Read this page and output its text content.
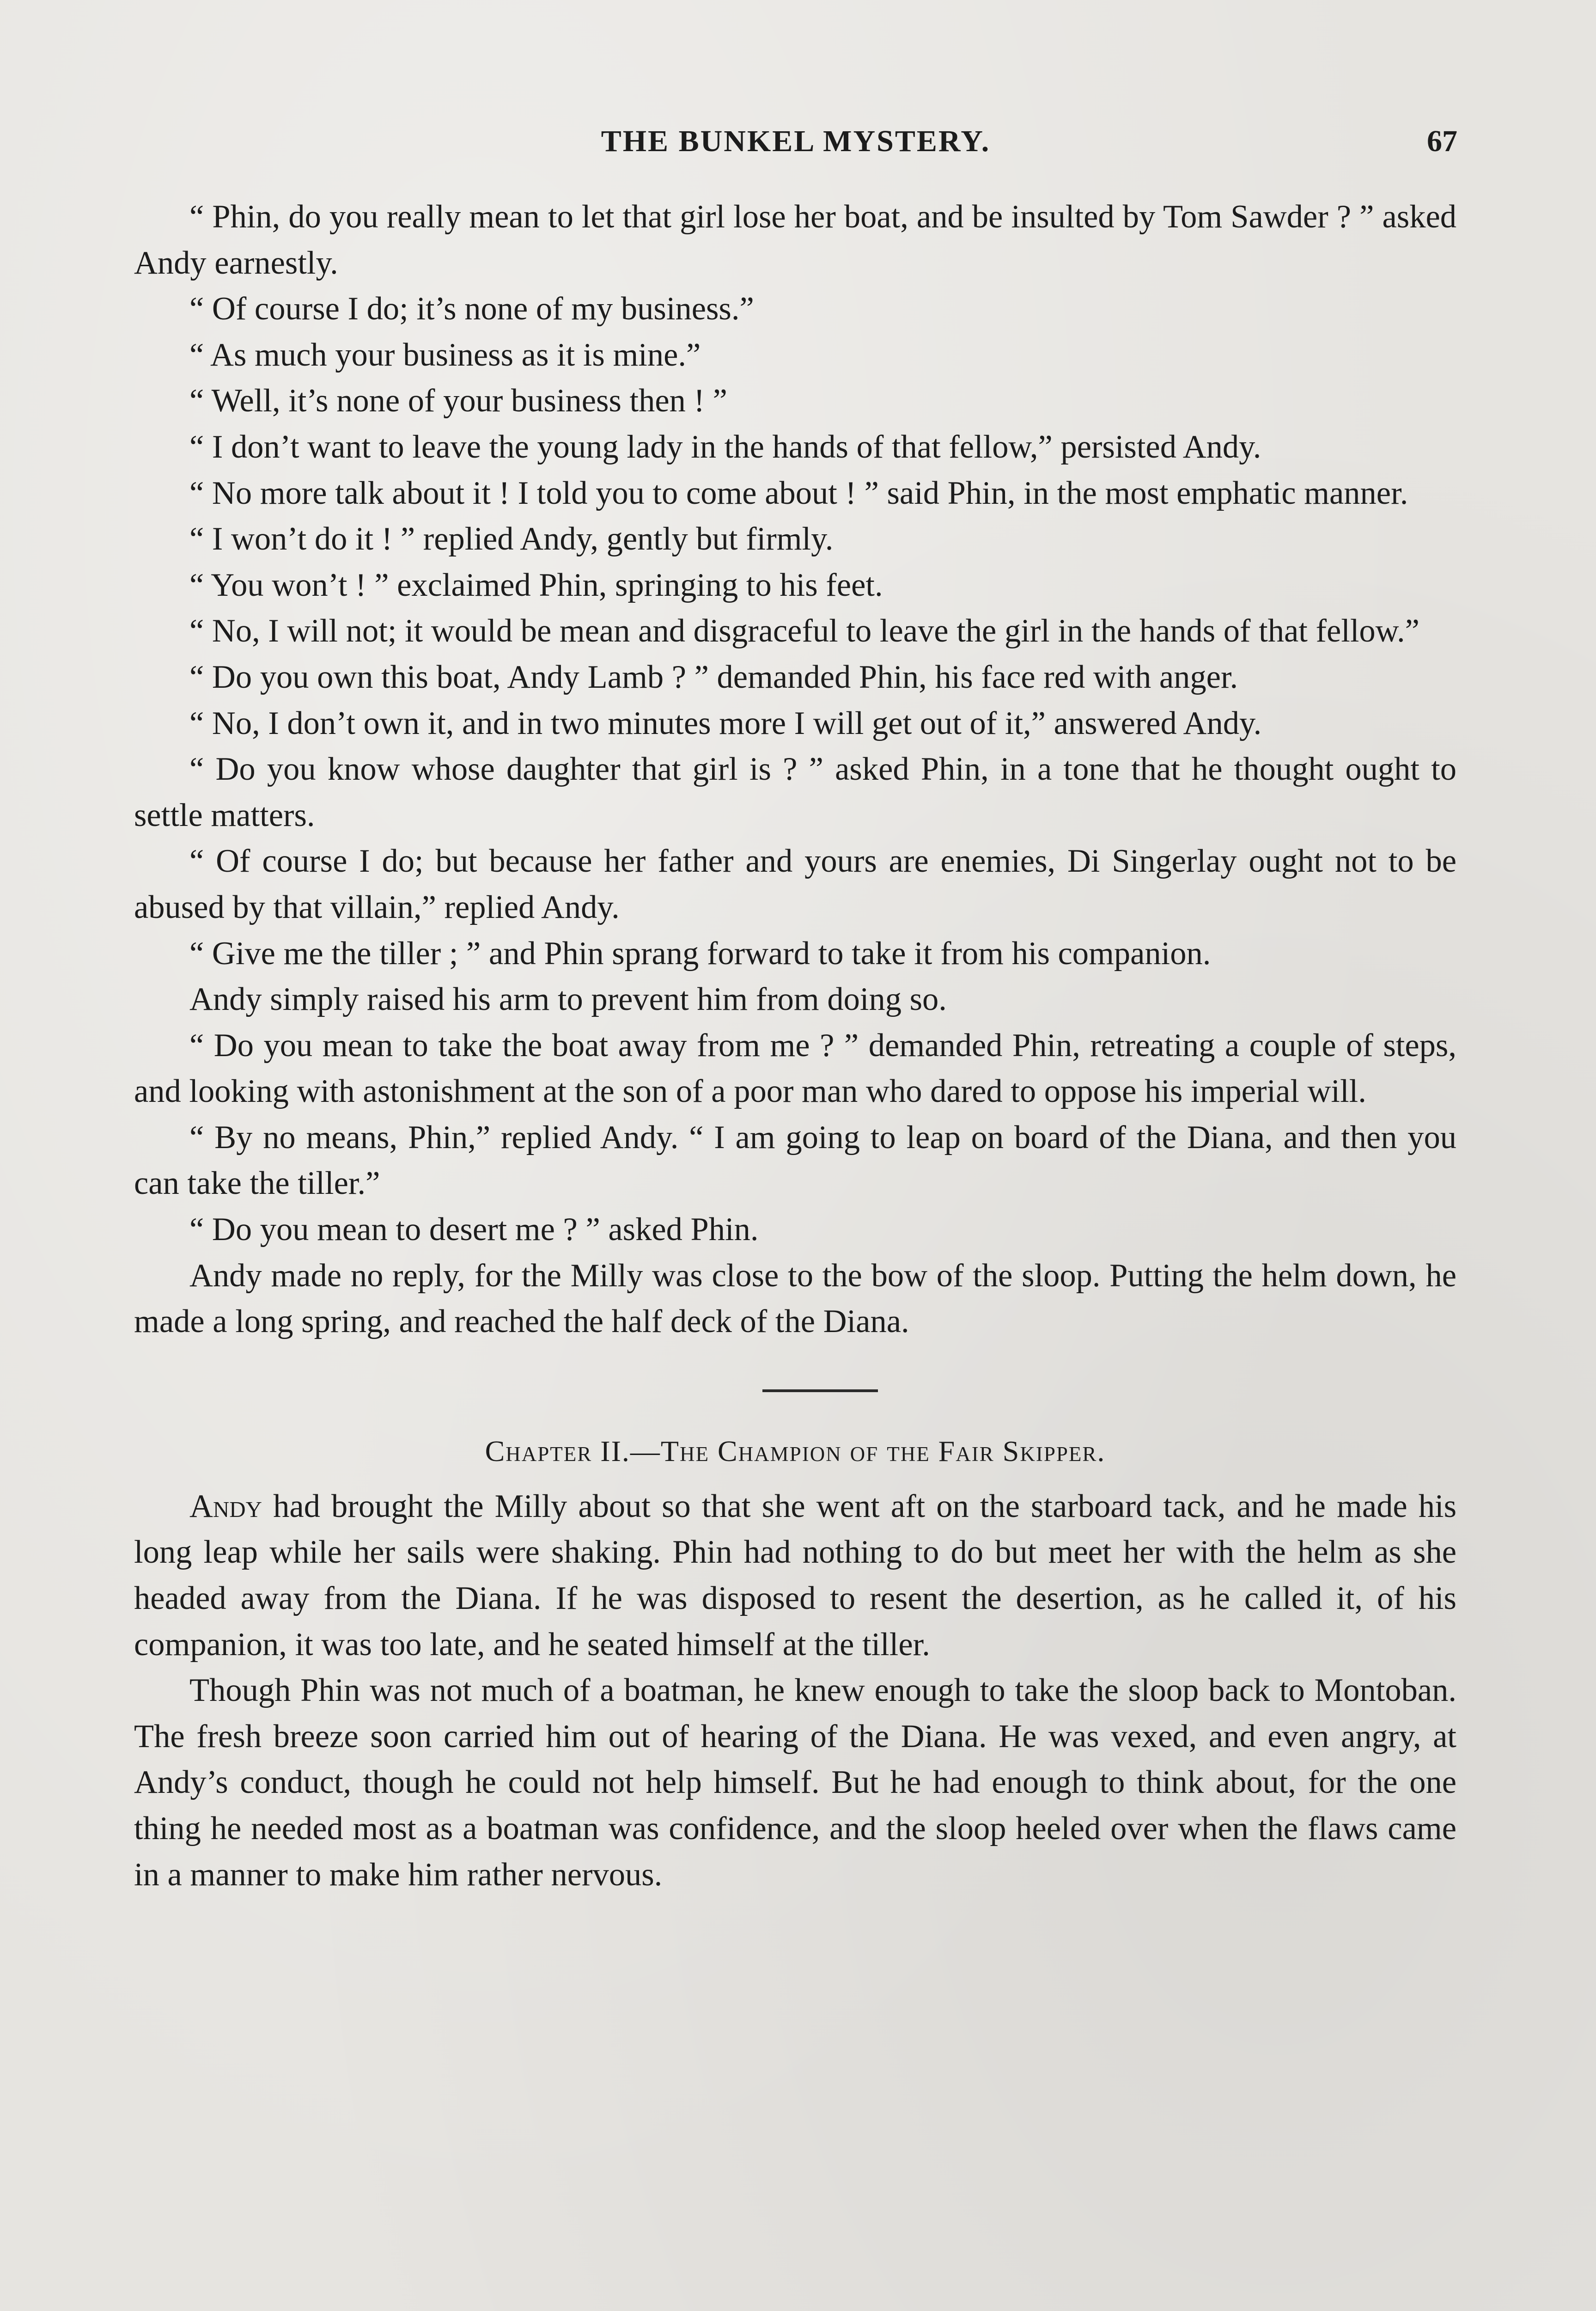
THE BUNKEL MYSTERY.	67

“ Phin, do you really mean to let that girl lose her boat, and be insulted by Tom Sawder ? ” asked Andy earnestly.

“ Of course I do; it’s none of my business.”

“ As much your business as it is mine.”

“ Well, it’s none of your business then ! ”

“ I don’t want to leave the young lady in the hands of that fellow,” persisted Andy.

“ No more talk about it ! I told you to come about ! ” said Phin, in the most emphatic manner.

“ I won’t do it ! ” replied Andy, gently but firmly.

“ You won’t ! ” exclaimed Phin, springing to his feet.

“ No, I will not; it would be mean and disgraceful to leave the girl in the hands of that fellow.”

“ Do you own this boat, Andy Lamb ? ” demanded Phin, his face red with anger.

“ No, I don’t own it, and in two minutes more I will get out of it,” answered Andy.

“ Do you know whose daughter that girl is ? ” asked Phin, in a tone that he thought ought to settle matters.

“ Of course I do; but because her father and yours are enemies, Di Singerlay ought not to be abused by that villain,” replied Andy.

“ Give me the tiller ; ” and Phin sprang forward to take it from his companion.

Andy simply raised his arm to prevent him from doing so.

“ Do you mean to take the boat away from me ? ” demanded Phin, retreating a couple of steps, and looking with astonishment at the son of a poor man who dared to oppose his imperial will.

“ By no means, Phin,” replied Andy. “ I am going to leap on board of the Diana, and then you can take the tiller.”

“ Do you mean to desert me ? ” asked Phin.

Andy made no reply, for the Milly was close to the bow of the sloop. Putting the helm down, he made a long spring, and reached the half deck of the Diana.

Chapter II.—The Champion of the Fair Skipper.

Andy had brought the Milly about so that she went aft on the starboard tack, and he made his long leap while her sails were shaking. Phin had nothing to do but meet her with the helm as she headed away from the Diana. If he was disposed to resent the desertion, as he called it, of his companion, it was too late, and he seated himself at the tiller.

Though Phin was not much of a boatman, he knew enough to take the sloop back to Montoban. The fresh breeze soon carried him out of hearing of the Diana. He was vexed, and even angry, at Andy’s conduct, though he could not help himself. But he had enough to think about, for the one thing he needed most as a boatman was confidence, and the sloop heeled over when the flaws came in a manner to make him rather nervous.
